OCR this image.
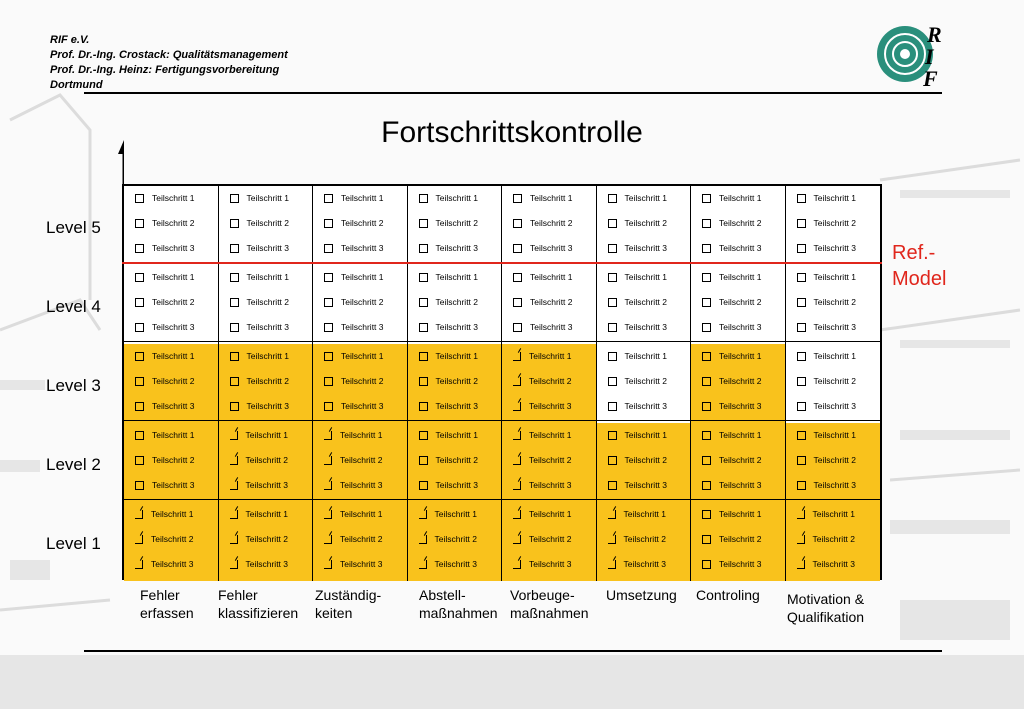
RIF e.V.
Prof. Dr.-Ing. Crostack: Qualitätsmanagement
Prof. Dr.-Ing. Heinz: Fertigungsvorbereitung
Dortmund
R
I
F
Fortschrittskontrolle
Level 5
Level 4
Level 3
Level 2
Level 1
Ref.-
Model
Teilschritt 1
Teilschritt 2
Teilschritt 3
Teilschritt 1
Teilschritt 2
Teilschritt 3
Teilschritt 1
Teilschritt 2
Teilschritt 3
Teilschritt 1
Teilschritt 2
Teilschritt 3
Teilschritt 1
Teilschritt 2
Teilschritt 3
Teilschritt 1
Teilschritt 2
Teilschritt 3
Teilschritt 1
Teilschritt 2
Teilschritt 3
Teilschritt 1
Teilschritt 2
Teilschritt 3
Teilschritt 1
Teilschritt 2
Teilschritt 3
Teilschritt 1
Teilschritt 2
Teilschritt 3
Teilschritt 1
Teilschritt 2
Teilschritt 3
Teilschritt 1
Teilschritt 2
Teilschritt 3
Teilschritt 1
Teilschritt 2
Teilschritt 3
Teilschritt 1
Teilschritt 2
Teilschritt 3
Teilschritt 1
Teilschritt 2
Teilschritt 3
Teilschritt 1
Teilschritt 2
Teilschritt 3
Teilschritt 1
Teilschritt 2
Teilschritt 3
Teilschritt 1
Teilschritt 2
Teilschritt 3
Teilschritt 1
Teilschritt 2
Teilschritt 3
Teilschritt 1
Teilschritt 2
Teilschritt 3
Teilschritt 1
Teilschritt 2
Teilschritt 3
Teilschritt 1
Teilschritt 2
Teilschritt 3
Teilschritt 1
Teilschritt 2
Teilschritt 3
Teilschritt 1
Teilschritt 2
Teilschritt 3
Teilschritt 1
Teilschritt 2
Teilschritt 3
Teilschritt 1
Teilschritt 2
Teilschritt 3
Teilschritt 1
Teilschritt 2
Teilschritt 3
Teilschritt 1
Teilschritt 2
Teilschritt 3
Teilschritt 1
Teilschritt 2
Teilschritt 3
Teilschritt 1
Teilschritt 2
Teilschritt 3
Teilschritt 1
Teilschritt 2
Teilschritt 3
Teilschritt 1
Teilschritt 2
Teilschritt 3
Teilschritt 1
Teilschritt 2
Teilschritt 3
Teilschritt 1
Teilschritt 2
Teilschritt 3
Teilschritt 1
Teilschritt 2
Teilschritt 3
Teilschritt 1
Teilschritt 2
Teilschritt 3
Teilschritt 1
Teilschritt 2
Teilschritt 3
Teilschritt 1
Teilschritt 2
Teilschritt 3
Teilschritt 1
Teilschritt 2
Teilschritt 3
Teilschritt 1
Teilschritt 2
Teilschritt 3
Fehler
erfassen
Fehler
klassifizieren
Zuständig-
keiten
Abstell-
maßnahmen
Vorbeuge-
maßnahmen
Umsetzung Controling Motivation &
Qualifikation
